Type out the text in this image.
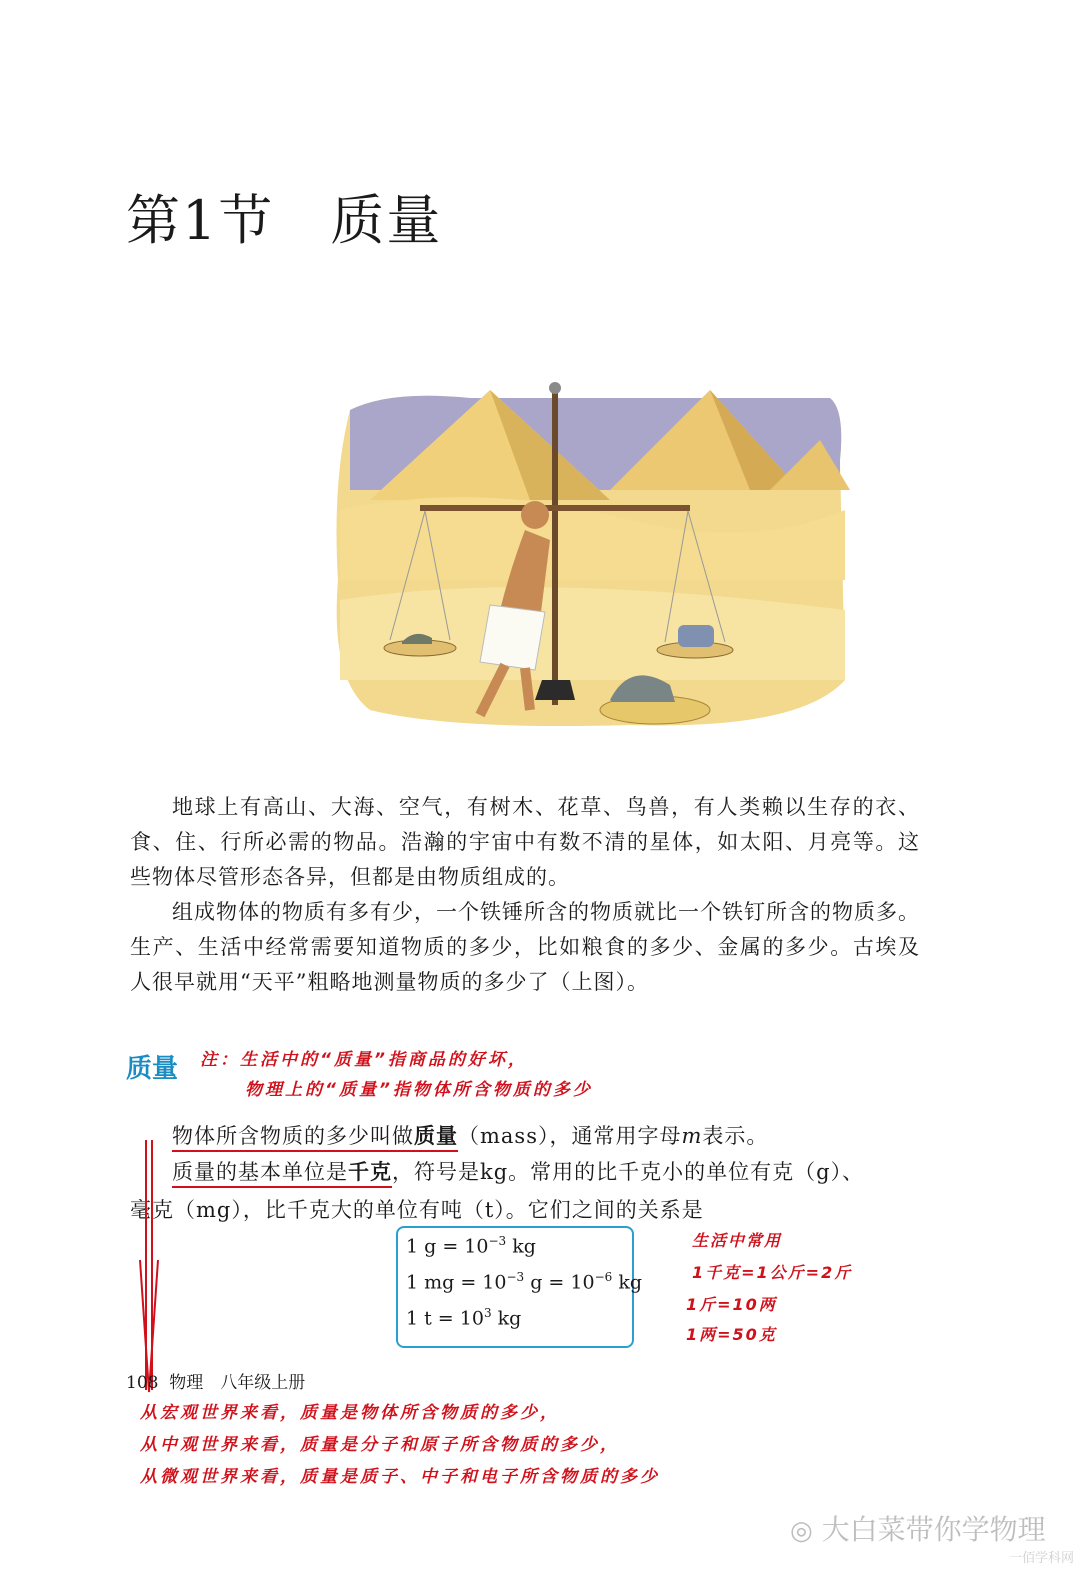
第1节　质量

地球上有高山、大海、空气，有树木、花草、鸟兽，有人类赖以生存的衣、食、住、行所必需的物品。浩瀚的宇宙中有数不清的星体，如太阳、月亮等。这些物体尽管形态各异，但都是由物质组成的。

组成物体的物质有多有少，一个铁锤所含的物质就比一个铁钉所含的物质多。生产、生活中经常需要知道物质的多少，比如粮食的多少、金属的多少。古埃及人很早就用“天平”粗略地测量物质的多少了（上图）。

质量 注：生活中的“质量”指商品的好坏，
物理上的“质量”指物体所含物质的多少
物体所含物质的多少叫做质量（mass），通常用字母m表示。
质量的基本单位是千克，符号是kg。常用的比千克小的单位有克（g）、
毫克（mg），比千克大的单位有吨（t）。它们之间的关系是
1 $g = 10^{-3}$ kg
1 mg = $10^{-3}$ $g = 10^{-6}$ kg
1 $t = 10^3$ kg
生活中常用
1千克=1公斤=2斤
1斤=10两
1两=50克
108  物理　八年级上册
从宏观世界来看，质量是物体所含物质的多少，
从中观世界来看，质量是分子和原子所含物质的多少，
从微观世界来看，质量是质子、中子和电子所含物质的多少
◎ 大白菜带你学物理
一佰学科网
